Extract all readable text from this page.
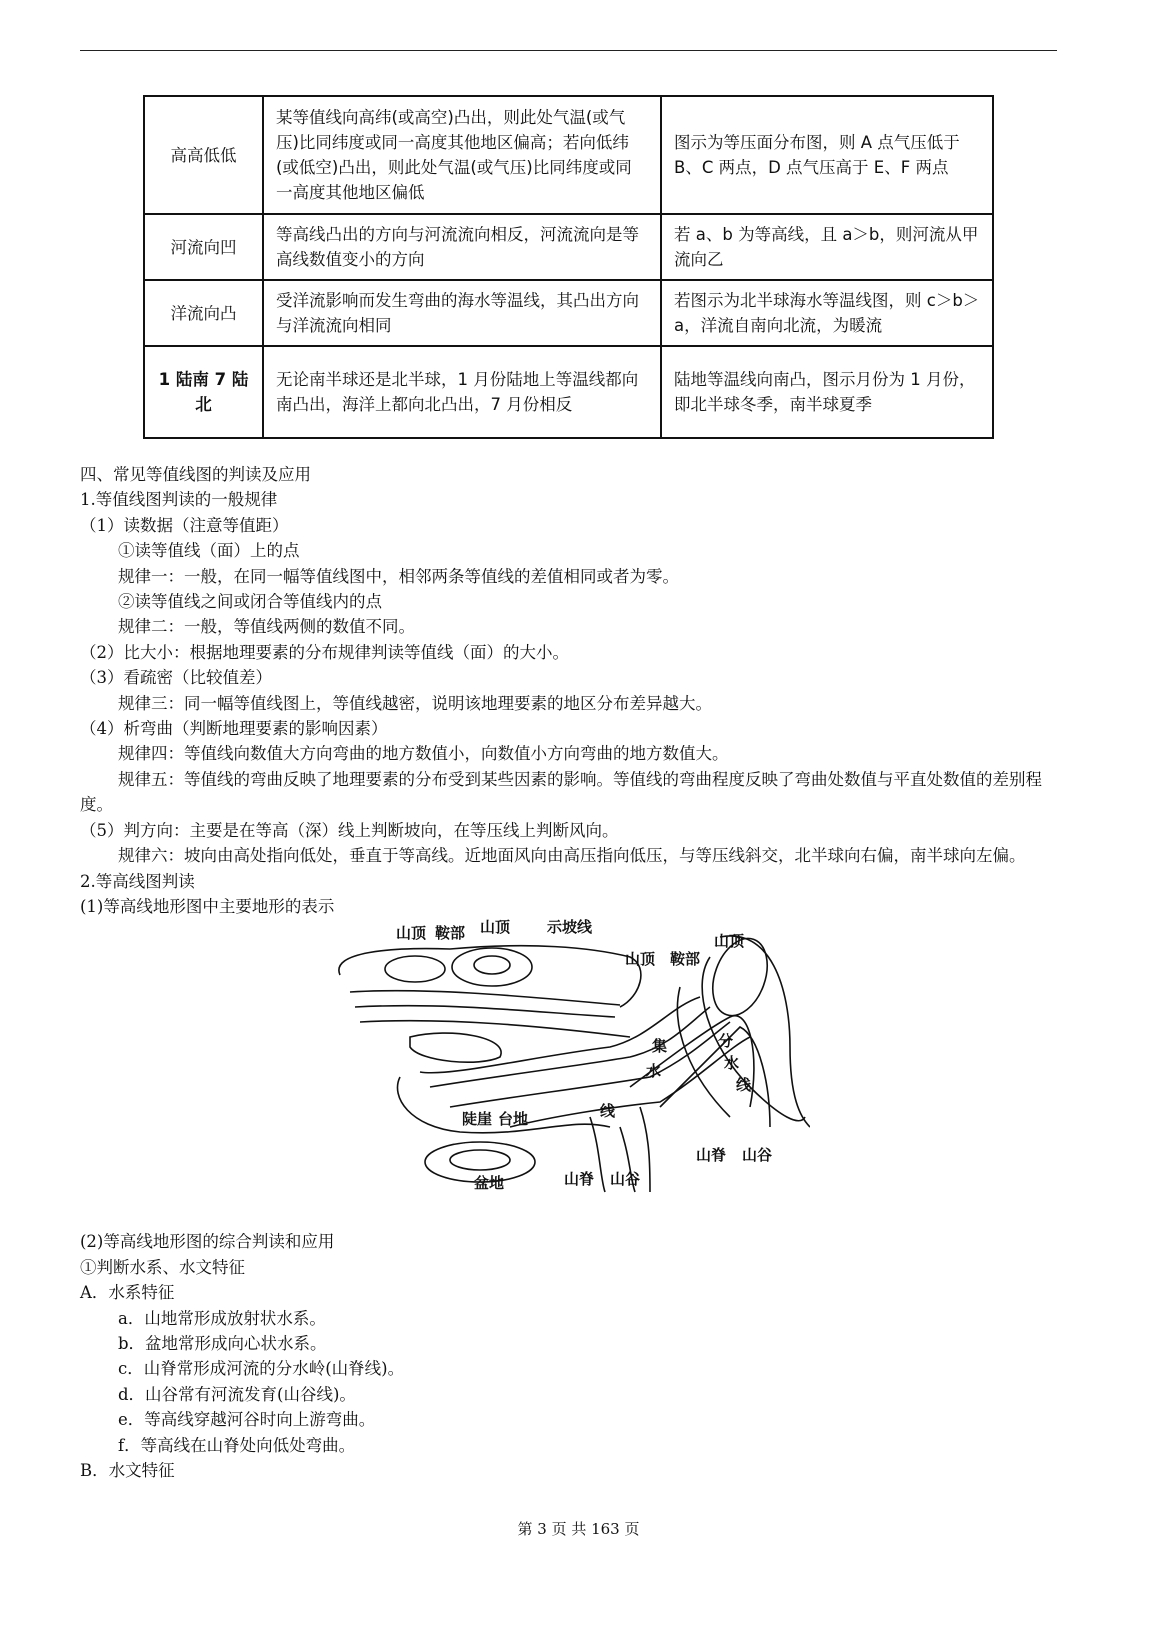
高高低低	某等值线向高纬(或高空)凸出，则此处气温(或气压)比同纬度或同一高度其他地区偏高；若向低纬(或低空)凸出，则此处气温(或气压)比同纬度或同一高度其他地区偏低	图示为等压面分布图，则 A 点气压低于 B、C 两点，D 点气压高于 E、F 两点
河流向凹	等高线凸出的方向与河流流向相反，河流流向是等高线数值变小的方向	若 a、b 为等高线，且 a＞b，则河流从甲流向乙
洋流向凸	受洋流影响而发生弯曲的海水等温线，其凸出方向与洋流流向相同	若图示为北半球海水等温线图，则 c＞b＞a，洋流自南向北流，为暖流
1 陆南 7 陆北	无论南半球还是北半球，1 月份陆地上等温线都向南凸出，海洋上都向北凸出，7 月份相反	陆地等温线向南凸，图示月份为 1 月份，即北半球冬季，南半球夏季
四、常见等值线图的判读及应用
1.等值线图判读的一般规律
（1）读数据（注意等值距）
①读等值线（面）上的点
规律一：一般，在同一幅等值线图中，相邻两条等值线的差值相同或者为零。
②读等值线之间或闭合等值线内的点
规律二：一般，等值线两侧的数值不同。
（2）比大小：根据地理要素的分布规律判读等值线（面）的大小。
（3）看疏密（比较值差）
规律三：同一幅等值线图上，等值线越密，说明该地理要素的地区分布差异越大。
（4）析弯曲（判断地理要素的影响因素）
规律四：等值线向数值大方向弯曲的地方数值小，向数值小方向弯曲的地方数值大。
规律五：等值线的弯曲反映了地理要素的分布受到某些因素的影响。等值线的弯曲程度反映了弯曲处数值与平直处数值的差别程度。
（5）判方向：主要是在等高（深）线上判断坡向，在等压线上判断风向。
规律六：坡向由高处指向低处，垂直于等高线。近地面风向由高压指向低压，与等压线斜交，北半球向右偏，南半球向左偏。
2.等高线图判读
(1)等高线地形图中主要地形的表示
山顶 鞍部 山顶 示坡线
山顶 鞍部
山顶
集
水
线
分
水
线
陡崖 台地
盆地	山脊 山谷
山脊 山谷
(2)等高线地形图的综合判读和应用
①判断水系、水文特征
A．水系特征
a．山地常形成放射状水系。
b．盆地常形成向心状水系。
c．山脊常形成河流的分水岭(山脊线)。
d．山谷常有河流发育(山谷线)。
e．等高线穿越河谷时向上游弯曲。
f．等高线在山脊处向低处弯曲。
B．水文特征
第 3 页 共 163 页
